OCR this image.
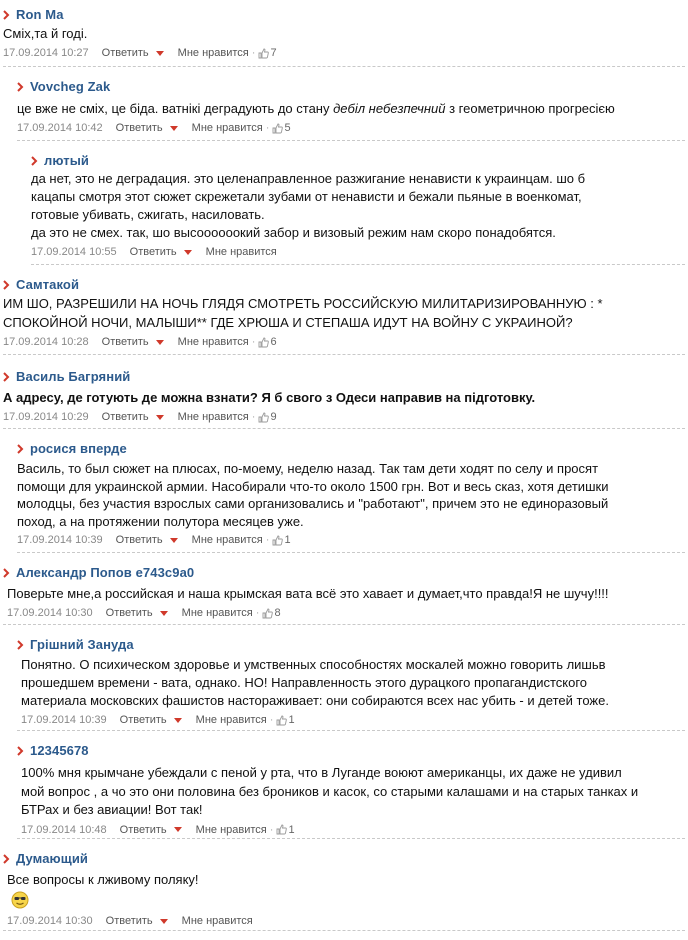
Ron Ma
Сміх,та й годі.
17.09.2014 10:27 Ответить	Мне нравится · 7
Vovcheg Zak
це вже не сміх, це біда. ватнікі деградують до стану дебіл небезпечний з геометричною прогресією
17.09.2014 10:42 Ответить	Мне нравится · 5
лютый
да нет, это не деградация. это целенаправленное разжигание ненависти к украинцам. шо б
кацапы смотря этот сюжет скрежетали зубами от ненависти и бежали пьяные в военкомат,
готовые убивать, сжигать, насиловать.
да это не смех. так, шо высоооооокий забор и визовый режим нам скоро понадобятся.
17.09.2014 10:55 Ответить	Мне нравится
Самтакой
ИМ ШО, РАЗРЕШИЛИ НА НОЧЬ ГЛЯДЯ СМОТРЕТЬ РОССИЙСКУЮ МИЛИТАРИЗИРОВАННУЮ : *
СПОКОЙНОЙ НОЧИ, МАЛЫШИ** ГДЕ ХРЮША И СТЕПАША ИДУТ НА ВОЙНУ С УКРАИНОЙ?
17.09.2014 10:28 Ответить	Мне нравится · 6
Василь Багряний
А адресу, де готують де можна взнати? Я б свого з Одеси направив на підготовку.
17.09.2014 10:29 Ответить	Мне нравится · 9
росися вперде
Василь, то был сюжет на плюсах, по-моему, неделю назад. Так там дети ходят по селу и просят
помощи для украинской армии. Насобирали что-то около 1500 грн. Вот и весь сказ, хотя детишки
молодцы, без участия взрослых сами организовались и "работают", причем это не единоразовый
поход, а на протяжении полутора месяцев уже.
17.09.2014 10:39 Ответить	Мне нравится · 1
Александр Попов е743с9а0
Поверьте мне,а российская и наша крымская вата всё это хавает и думает,что правда!Я не шучу!!!!
17.09.2014 10:30 Ответить	Мне нравится · 8
Грішний Зануда
Понятно. О психическом здоровье и умственных способностях москалей можно говорить лишьв
прошедшем времени - вата, однако. НО! Направленность этого дурацкого пропагандистского
материала московских фашистов настораживает: они собираются всех нас убить - и детей тоже.
17.09.2014 10:39 Ответить	Мне нравится · 1
12345678
100% мня крымчане убеждали с пеной у рта, что в Луганде воюют американцы, их даже не удивил
мой вопрос , а чо это они половина без броников и касок, со старыми калашами и на старых танках и
БТРах и без авиации! Вот так!
17.09.2014 10:48 Ответить	Мне нравится · 1
Думающий
Все вопросы к лживому поляку!
17.09.2014 10:30 Ответить	Мне нравится
